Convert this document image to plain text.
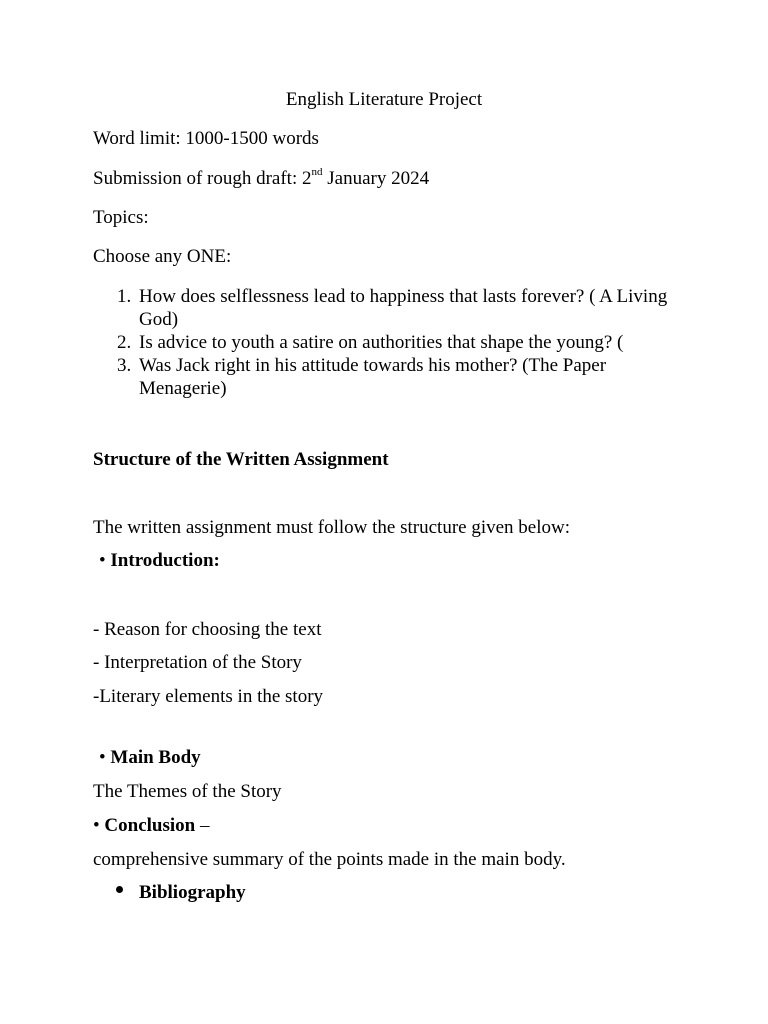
English Literature Project
Word limit: 1000-1500 words
Submission of rough draft: 2nd January 2024
Topics:
Choose any ONE:
1. How does selflessness lead to happiness that lasts forever? ( A Living God)
2. Is advice to youth a satire on authorities that shape the young? (
3. Was Jack right in his attitude towards his mother? (The Paper Menagerie)
Structure of the Written Assignment
The written assignment must follow the structure given below:
• Introduction:
- Reason for choosing the text
- Interpretation of the Story
-Literary elements in the story
• Main Body
The Themes of the Story
• Conclusion –
comprehensive summary of the points made in the main body.
Bibliography
